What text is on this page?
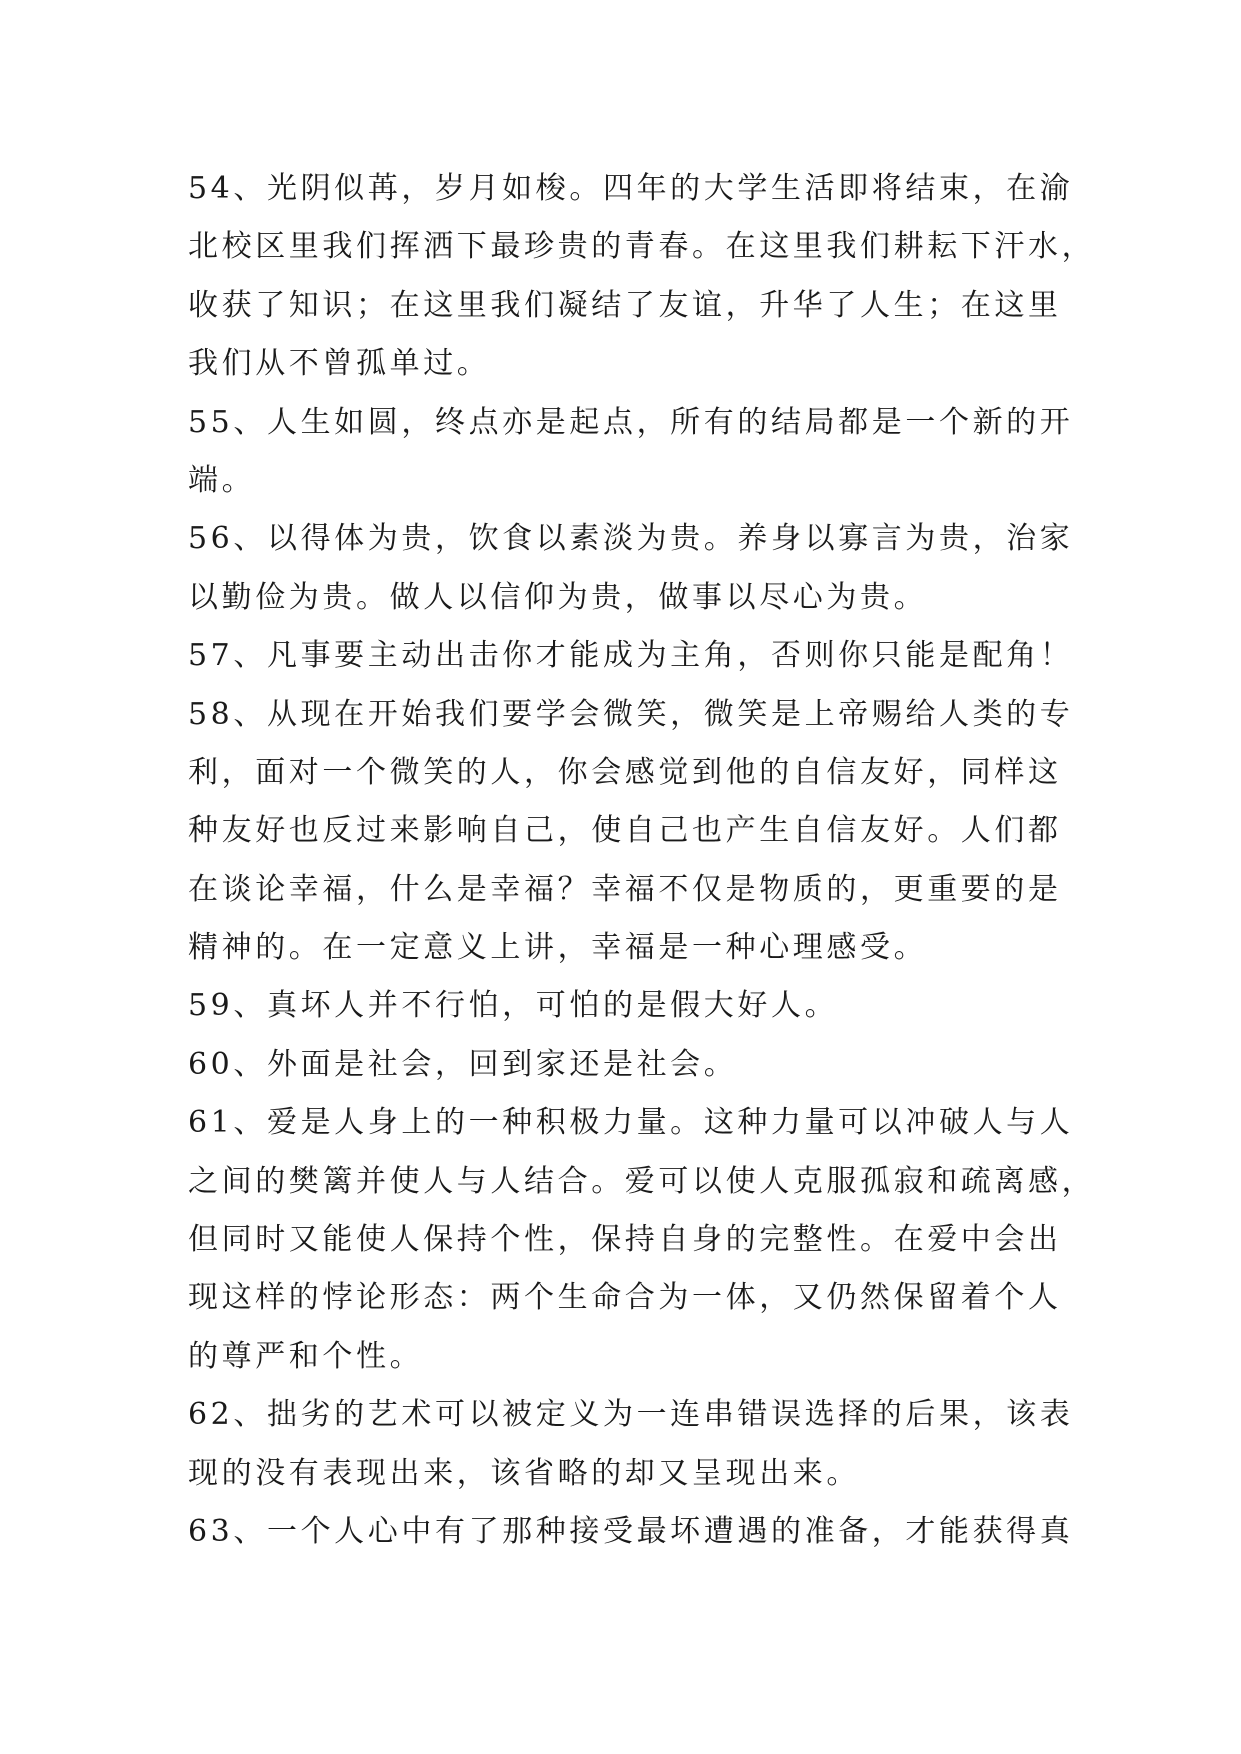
54、光阴似苒，岁月如梭。四年的大学生活即将结束，在渝
北校区里我们挥洒下最珍贵的青春。在这里我们耕耘下汗水，
收获了知识；在这里我们凝结了友谊，升华了人生；在这里
我们从不曾孤单过。
55、人生如圆，终点亦是起点，所有的结局都是一个新的开
端。
56、以得体为贵，饮食以素淡为贵。养身以寡言为贵，治家
以勤俭为贵。做人以信仰为贵，做事以尽心为贵。
57、凡事要主动出击你才能成为主角，否则你只能是配角！
58、从现在开始我们要学会微笑，微笑是上帝赐给人类的专
利，面对一个微笑的人，你会感觉到他的自信友好，同样这
种友好也反过来影响自己，使自己也产生自信友好。人们都
在谈论幸福，什么是幸福？幸福不仅是物质的，更重要的是
精神的。在一定意义上讲，幸福是一种心理感受。
59、真坏人并不行怕，可怕的是假大好人。
60、外面是社会，回到家还是社会。
61、爱是人身上的一种积极力量。这种力量可以冲破人与人
之间的樊篱并使人与人结合。爱可以使人克服孤寂和疏离感，
但同时又能使人保持个性，保持自身的完整性。在爱中会出
现这样的悖论形态：两个生命合为一体，又仍然保留着个人
的尊严和个性。
62、拙劣的艺术可以被定义为一连串错误选择的后果，该表
现的没有表现出来，该省略的却又呈现出来。
63、一个人心中有了那种接受最坏遭遇的准备，才能获得真
